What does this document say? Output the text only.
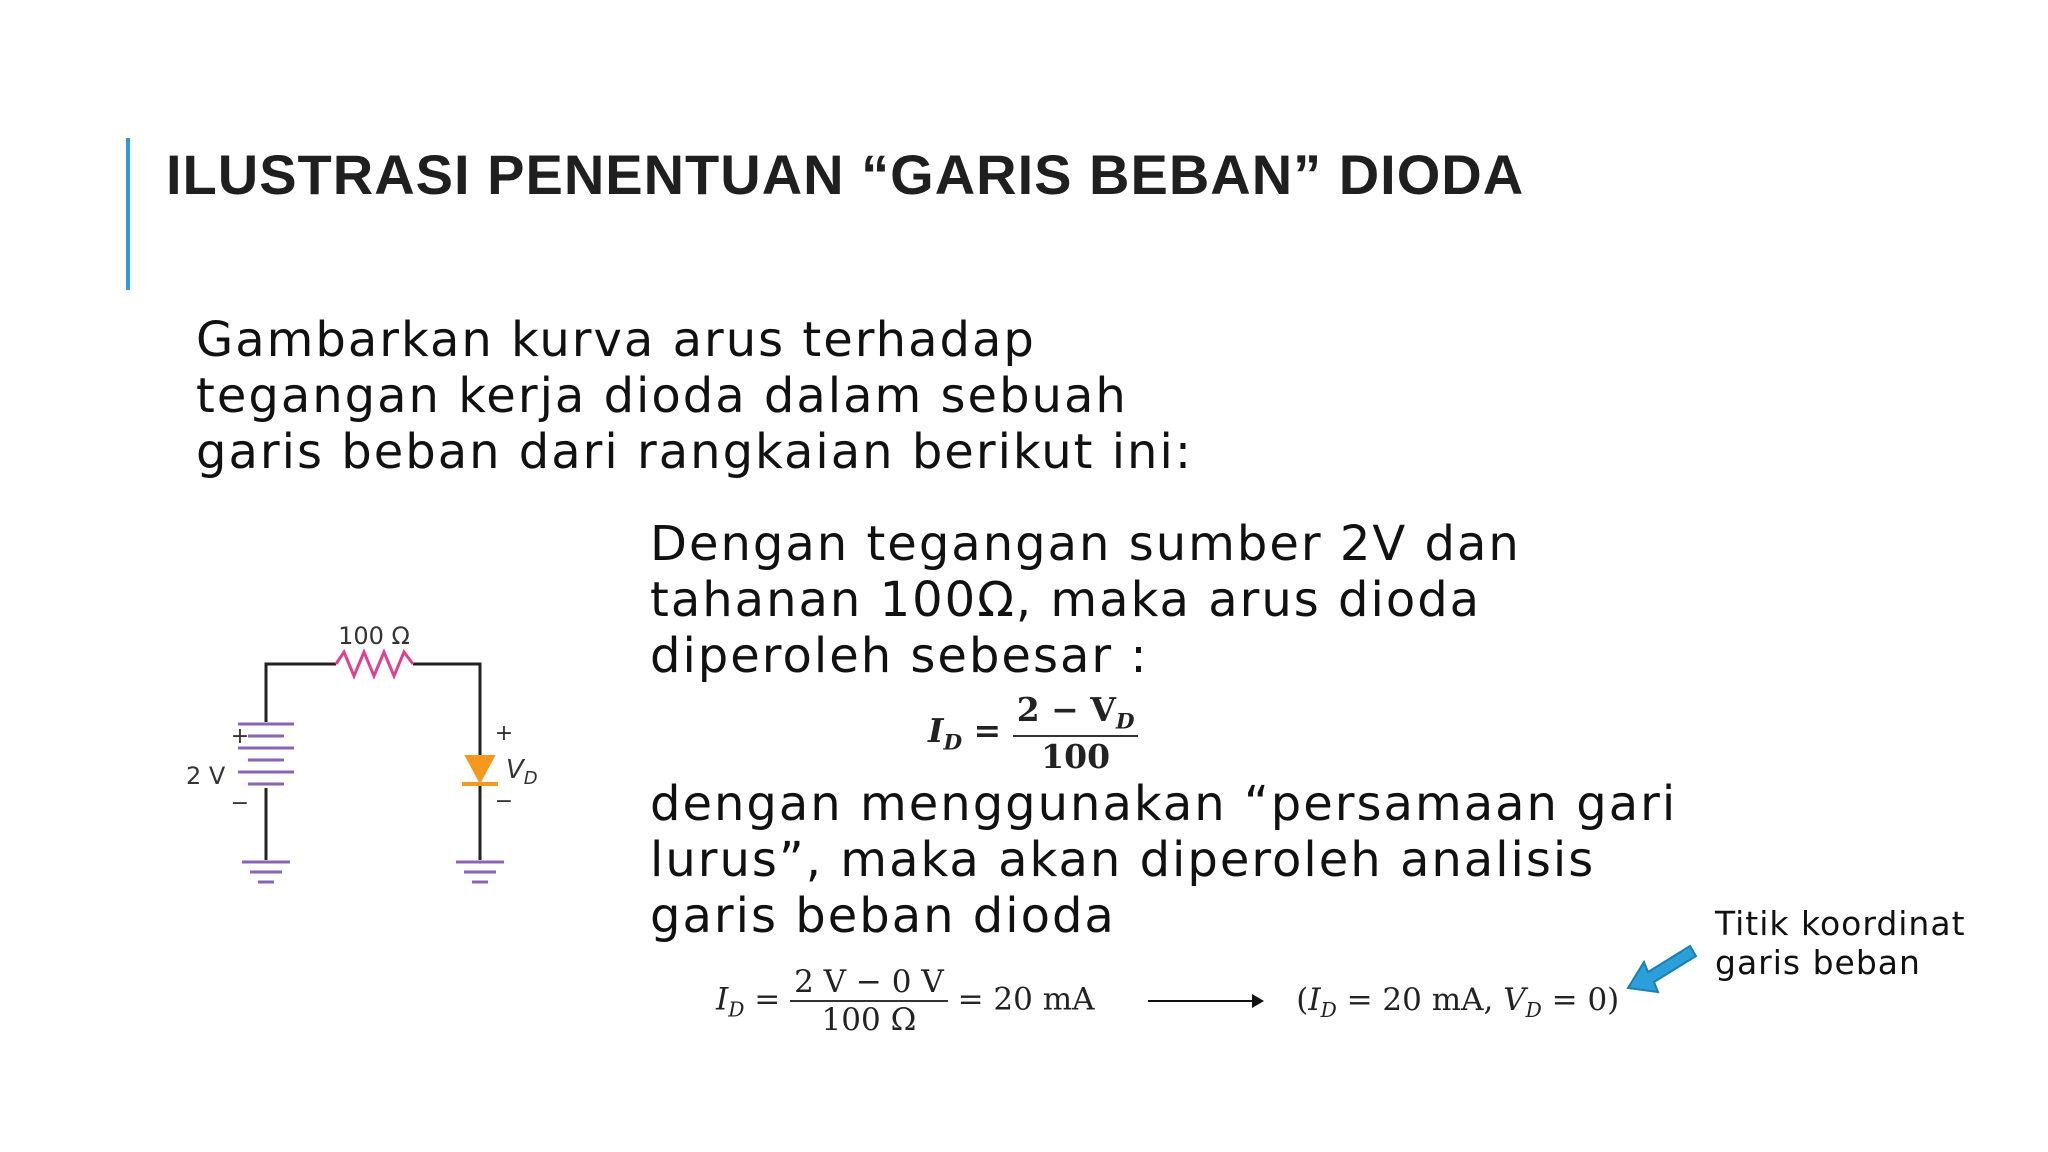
ILUSTRASI PENENTUAN “GARIS BEBAN” DIODA
Gambarkan kurva arus terhadap
tegangan kerja dioda dalam sebuah
garis beban dari rangkaian berikut ini:
100 Ω
+
2 V
−
+
$V_D$
−
Dengan tegangan sumber 2V dan
tahanan 100Ω, maka arus dioda
diperoleh sebesar :
$I_D = \frac{2 - V_D}{100}$
dengan menggunakan “persamaan gari
lurus”, maka akan diperoleh analisis
garis beban dioda
$I_D = \frac{2 V - 0 V}{100 \Omega} = 20$ mA	($I_D = 20$ mA, $V_D = 0$)
Titik koordinat
garis beban
